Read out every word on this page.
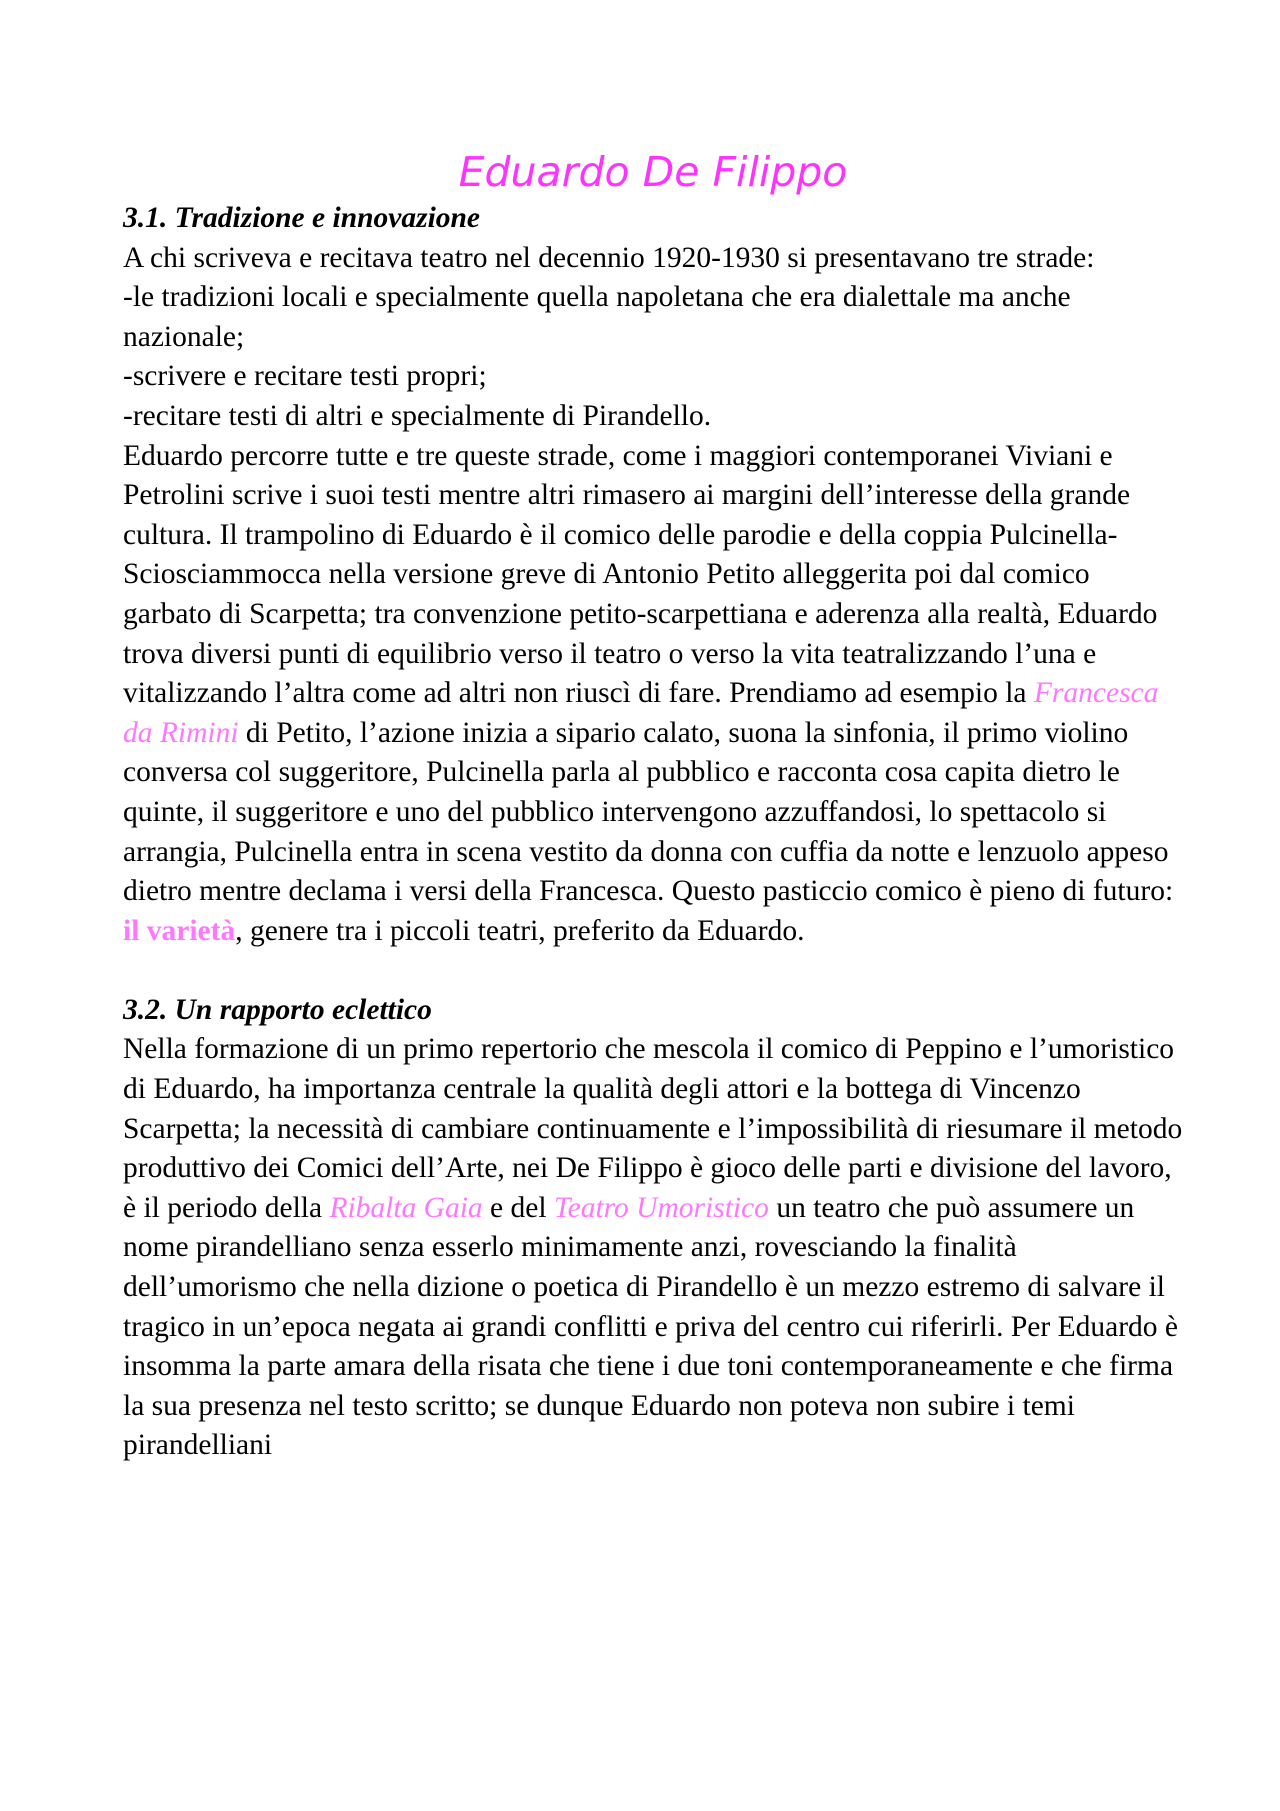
Eduardo De Filippo

3.1. Tradizione e innovazione

A chi scriveva e recitava teatro nel decennio 1920-1930 si presentavano tre strade:

-le tradizioni locali e specialmente quella napoletana che era dialettale ma anche nazionale;

-scrivere e recitare testi propri;

-recitare testi di altri e specialmente di Pirandello.

Eduardo percorre tutte e tre queste strade, come i maggiori contemporanei Viviani e Petrolini scrive i suoi testi mentre altri rimasero ai margini dell’interesse della grande cultura. Il trampolino di Eduardo è il comico delle parodie e della coppia Pulcinella-Sciosciammocca nella versione greve di Antonio Petito alleggerita poi dal comico garbato di Scarpetta; tra convenzione petito-scarpettiana e aderenza alla realtà, Eduardo trova diversi punti di equilibrio verso il teatro o verso la vita teatralizzando l’una e vitalizzando l’altra come ad altri non riuscì di fare. Prendiamo ad esempio la Francesca da Rimini di Petito, l’azione inizia a sipario calato, suona la sinfonia, il primo violino conversa col suggeritore, Pulcinella parla al pubblico e racconta cosa capita dietro le quinte, il suggeritore e uno del pubblico intervengono azzuffandosi, lo spettacolo si arrangia, Pulcinella entra in scena vestito da donna con cuffia da notte e lenzuolo appeso dietro mentre declama i versi della Francesca. Questo pasticcio comico è pieno di futuro: il varietà, genere tra i piccoli teatri, preferito da Eduardo.

3.2. Un rapporto eclettico

Nella formazione di un primo repertorio che mescola il comico di Peppino e l’umoristico di Eduardo, ha importanza centrale la qualità degli attori e la bottega di Vincenzo Scarpetta; la necessità di cambiare continuamente e l’impossibilità di riesumare il metodo produttivo dei Comici dell’Arte, nei De Filippo è gioco delle parti e divisione del lavoro, è il periodo della Ribalta Gaia e del Teatro Umoristico un teatro che può assumere un nome pirandelliano senza esserlo minimamente anzi, rovesciando la finalità dell’umorismo che nella dizione o poetica di Pirandello è un mezzo estremo di salvare il tragico in un’epoca negata ai grandi conflitti e priva del centro cui riferirli. Per Eduardo è insomma la parte amara della risata che tiene i due toni contemporaneamente e che firma la sua presenza nel testo scritto; se dunque Eduardo non poteva non subire i temi pirandelliani
